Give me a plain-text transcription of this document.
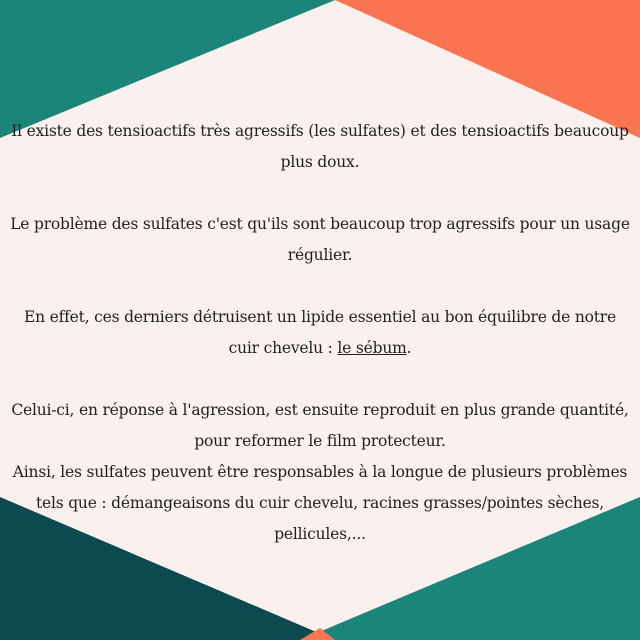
Il existe des tensioactifs très agressifs (les sulfates) et des tensioactifs beaucoup plus doux.

Le problème des sulfates c'est qu'ils sont beaucoup trop agressifs pour un usage régulier.

En effet, ces derniers détruisent un lipide essentiel au bon équilibre de notre cuir chevelu : le sébum.

Celui-ci, en réponse à l'agression, est ensuite reproduit en plus grande quantité, pour reformer le film protecteur.

Ainsi, les sulfates peuvent être responsables à la longue de plusieurs problèmes tels que : démangeaisons du cuir chevelu, racines grasses/pointes sèches, pellicules,...
